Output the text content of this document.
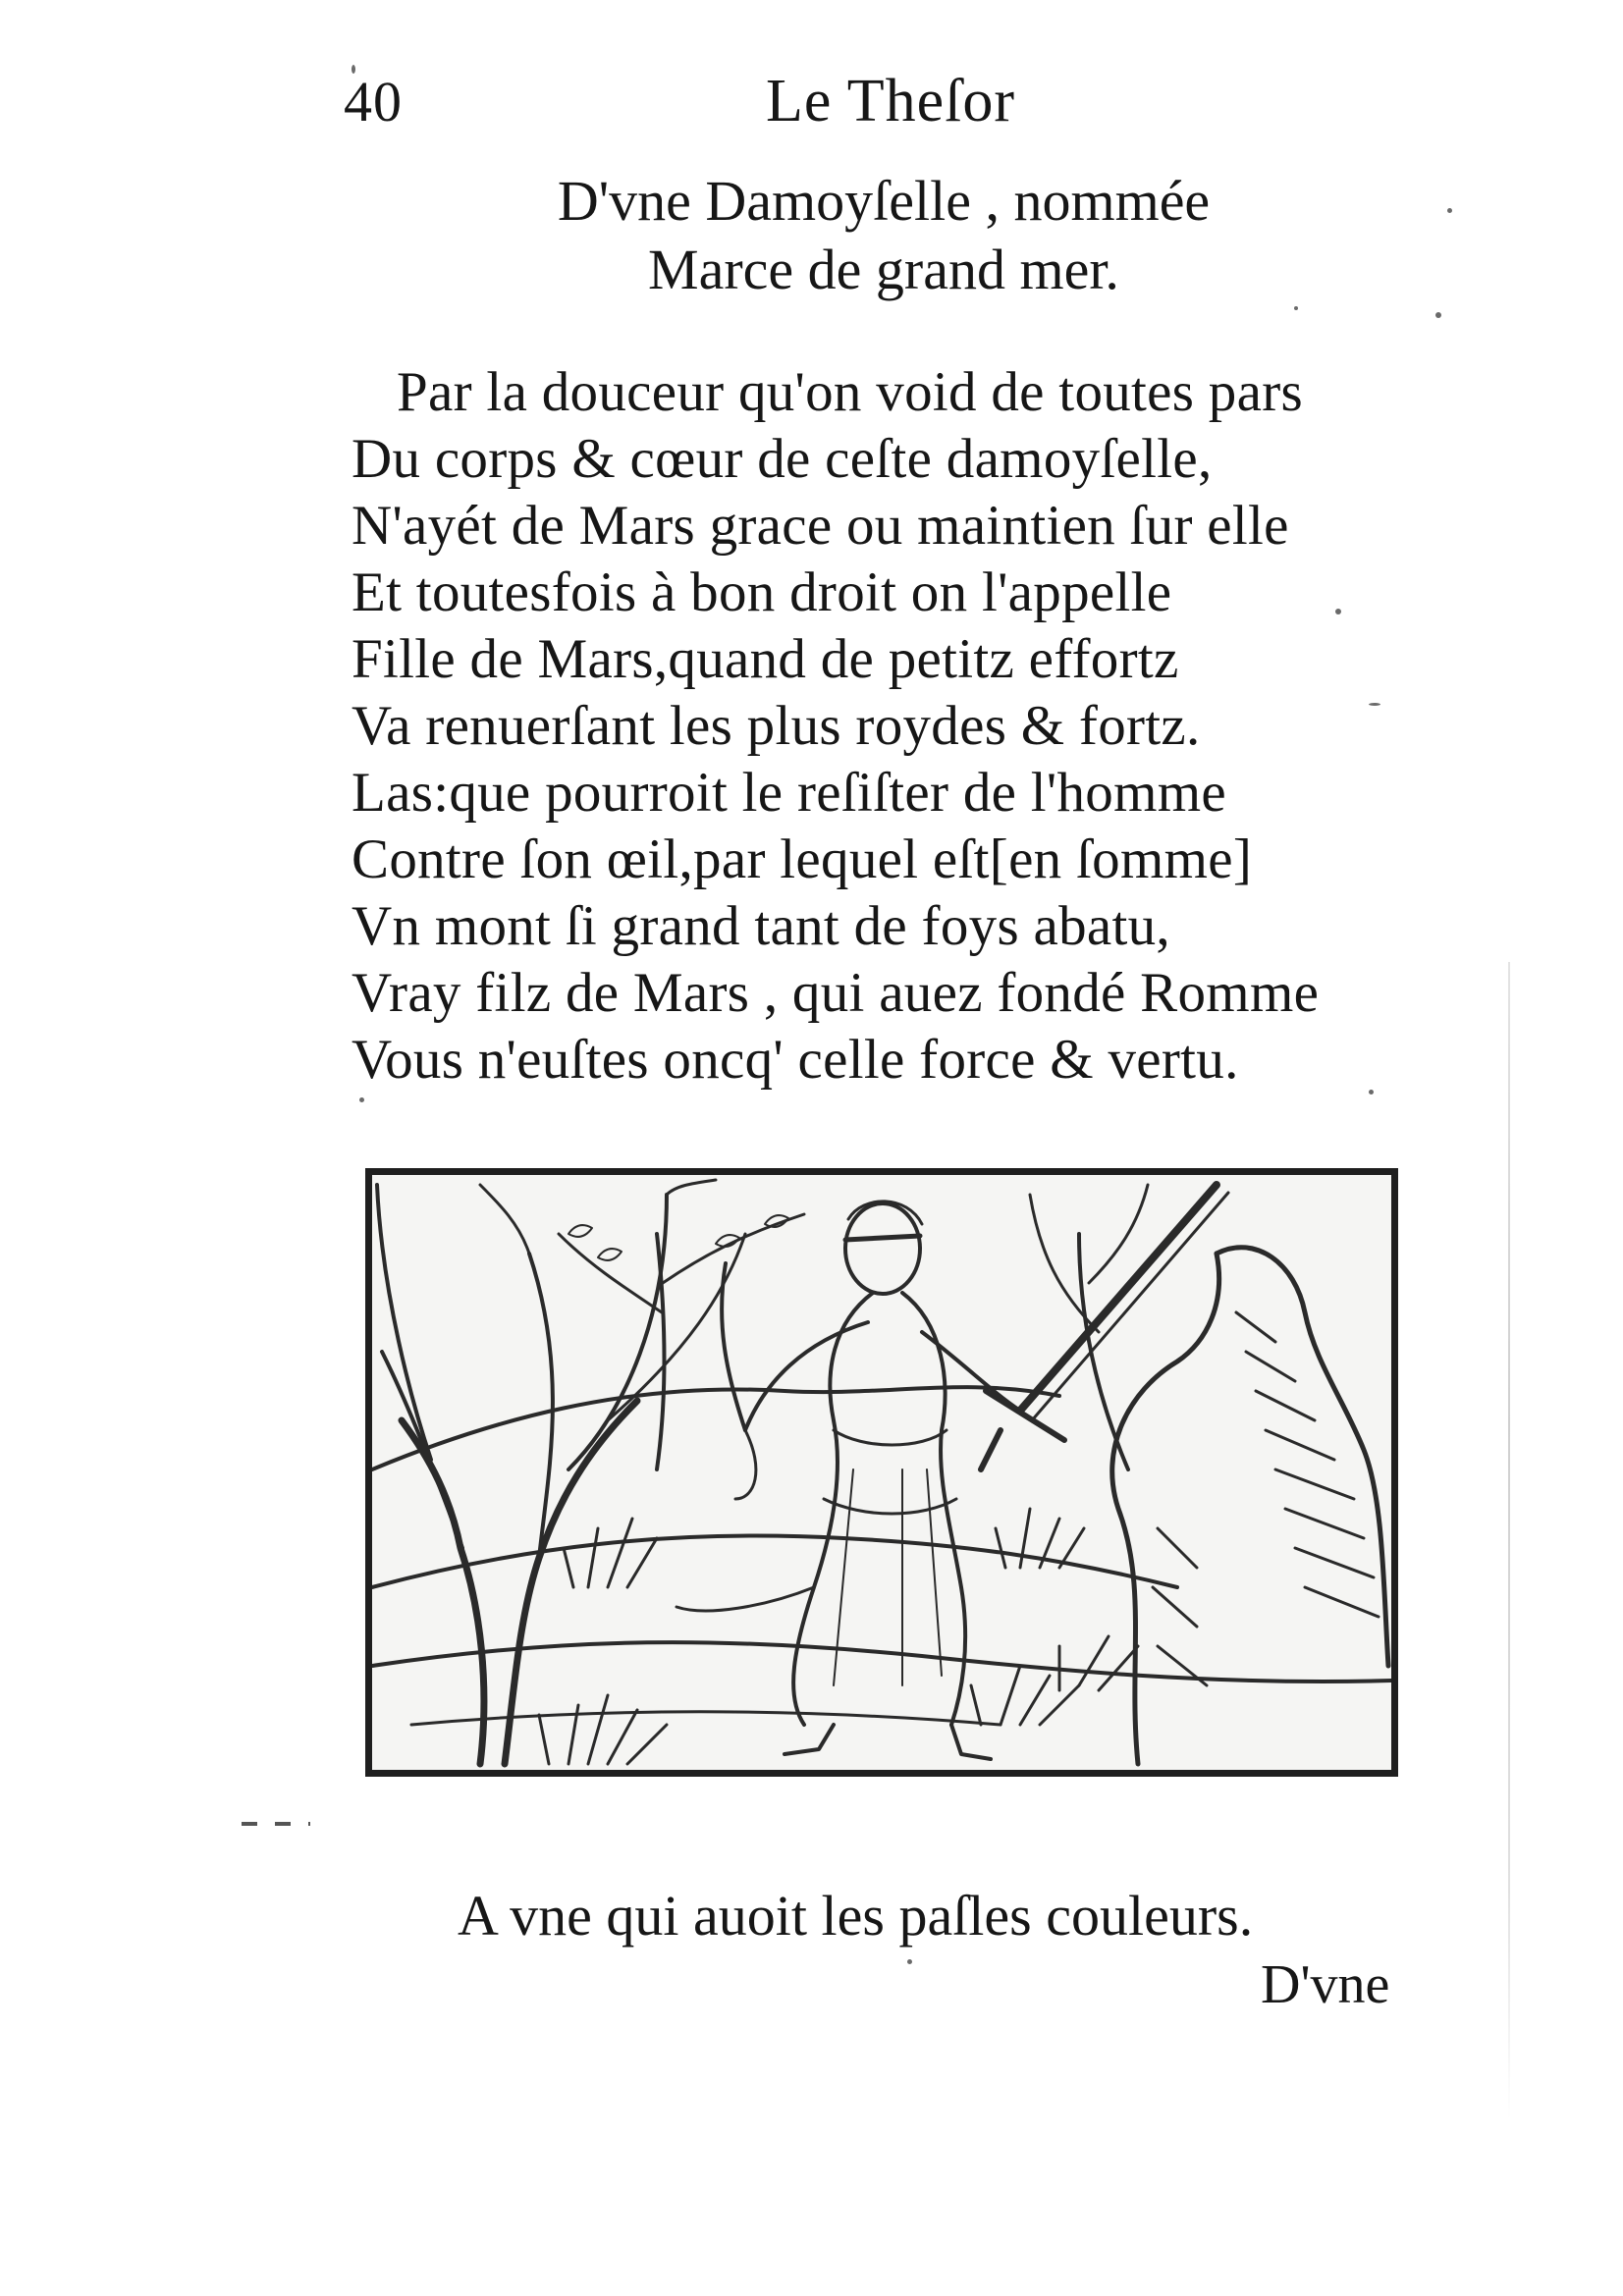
40	Le Theſor
D'vne Damoyſelle , nommée
Marce de grand mer.
Par la douceur qu'on void de toutes pars
Du corps & cœur de ceſte damoyſelle,
N'ayét de Mars grace ou maintien ſur elle
Et toutesfois à bon droit on l'appelle
Fille de Mars,quand de petitz effortz
Va renuerſant les plus roydes & fortz.
Las:que pourroit le reſiſter de l'homme
Contre ſon œil,par lequel eſt[en ſomme]
Vn mont ſi grand tant de foys abatu,
Vray filz de Mars , qui auez fondé Romme
Vous n'euſtes oncq' celle force & vertu.
A vne qui auoit les paſles couleurs.
D'vne
